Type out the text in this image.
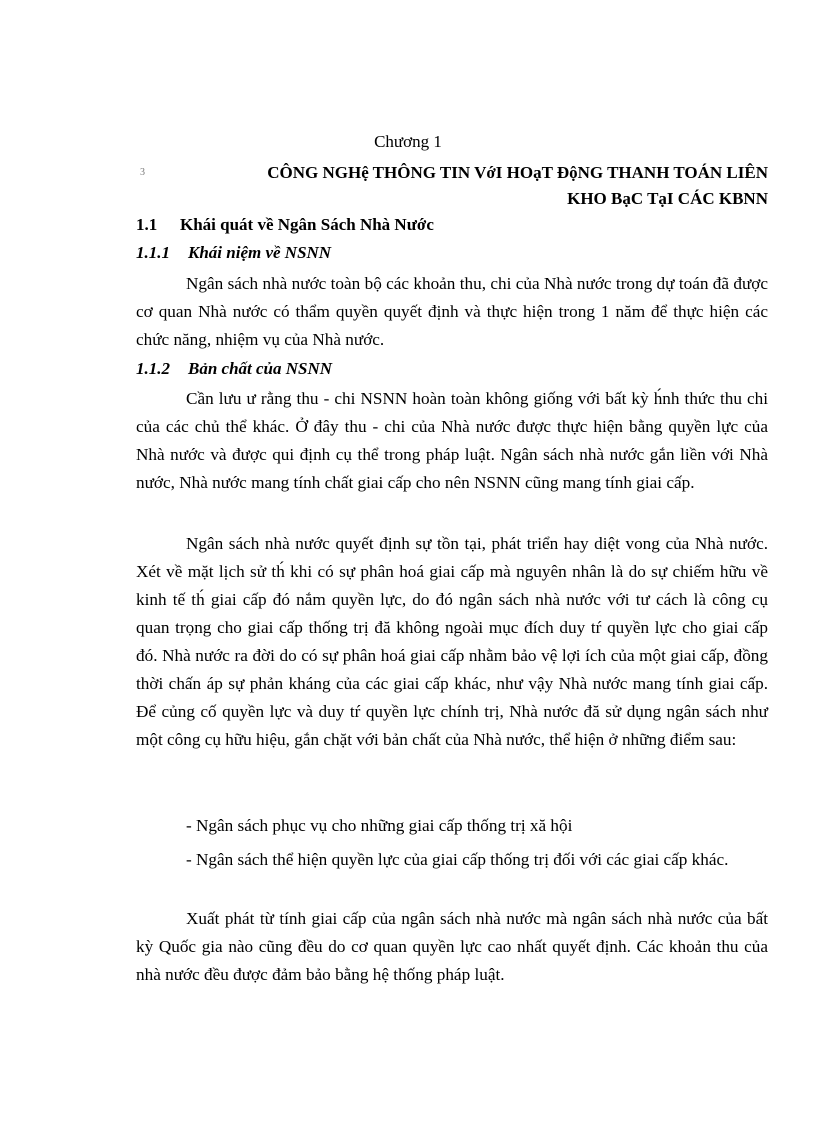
Chương 1
3	CÔNG NGHệ THÔNG TIN VớI HOạT ĐộNG THANH TOÁN LIÊN
KHO BạC TạI CÁC KBNN
1.1 Khái quát về Ngân Sách Nhà Nước
1.1.1 Khái niệm về NSNN

Ngân sách nhà nước toàn bộ các khoản thu, chi của Nhà nước trong dự toán đã được cơ quan Nhà nước có thẩm quyền quyết định và thực hiện trong 1 năm để thực hiện các chức năng, nhiệm vụ của Nhà nước.

1.1.2 Bản chất của NSNN

Cần lưu ư rằng thu - chi NSNN hoàn toàn không giống với bất kỳ h́nh thức thu chi của các chủ thể khác. Ở đây thu - chi của Nhà nước được thực hiện bằng quyền lực của Nhà nước và được qui định cụ thể trong pháp luật. Ngân sách nhà nước gắn liền với Nhà nước, Nhà nước mang tính chất giai cấp cho nên NSNN cũng mang tính giai cấp.

Ngân sách nhà nước quyết định sự tồn tại, phát triển hay diệt vong của Nhà nước. Xét về mặt lịch sử th́ khi có sự phân hoá giai cấp mà nguyên nhân là do sự chiếm hữu về kinh tế th́ giai cấp đó nắm quyền lực, do đó ngân sách nhà nước với tư cách là công cụ quan trọng cho giai cấp thống trị đă không ngoài mục đích duy tŕ quyền lực cho giai cấp đó. Nhà nước ra đời do có sự phân hoá giai cấp nhằm bảo vệ lợi ích của một giai cấp, đồng thời chấn áp sự phản kháng của các giai cấp khác, như vậy Nhà nước mang tính giai cấp. Để củng cố quyền lực và duy tŕ quyền lực chính trị, Nhà nước đă sử dụng ngân sách như một công cụ hữu hiệu, gắn chặt với bản chất của Nhà nước, thể hiện ở những điểm sau:

- Ngân sách phục vụ cho những giai cấp thống trị xă hội

- Ngân sách thể hiện quyền lực của giai cấp thống trị đối với các giai cấp khác.

Xuất phát từ tính giai cấp của ngân sách nhà nước mà ngân sách nhà nước của bất kỳ Quốc gia nào cũng đều do cơ quan quyền lực cao nhất quyết định. Các khoản thu của nhà nước đều được đảm bảo bằng hệ thống pháp luật.
